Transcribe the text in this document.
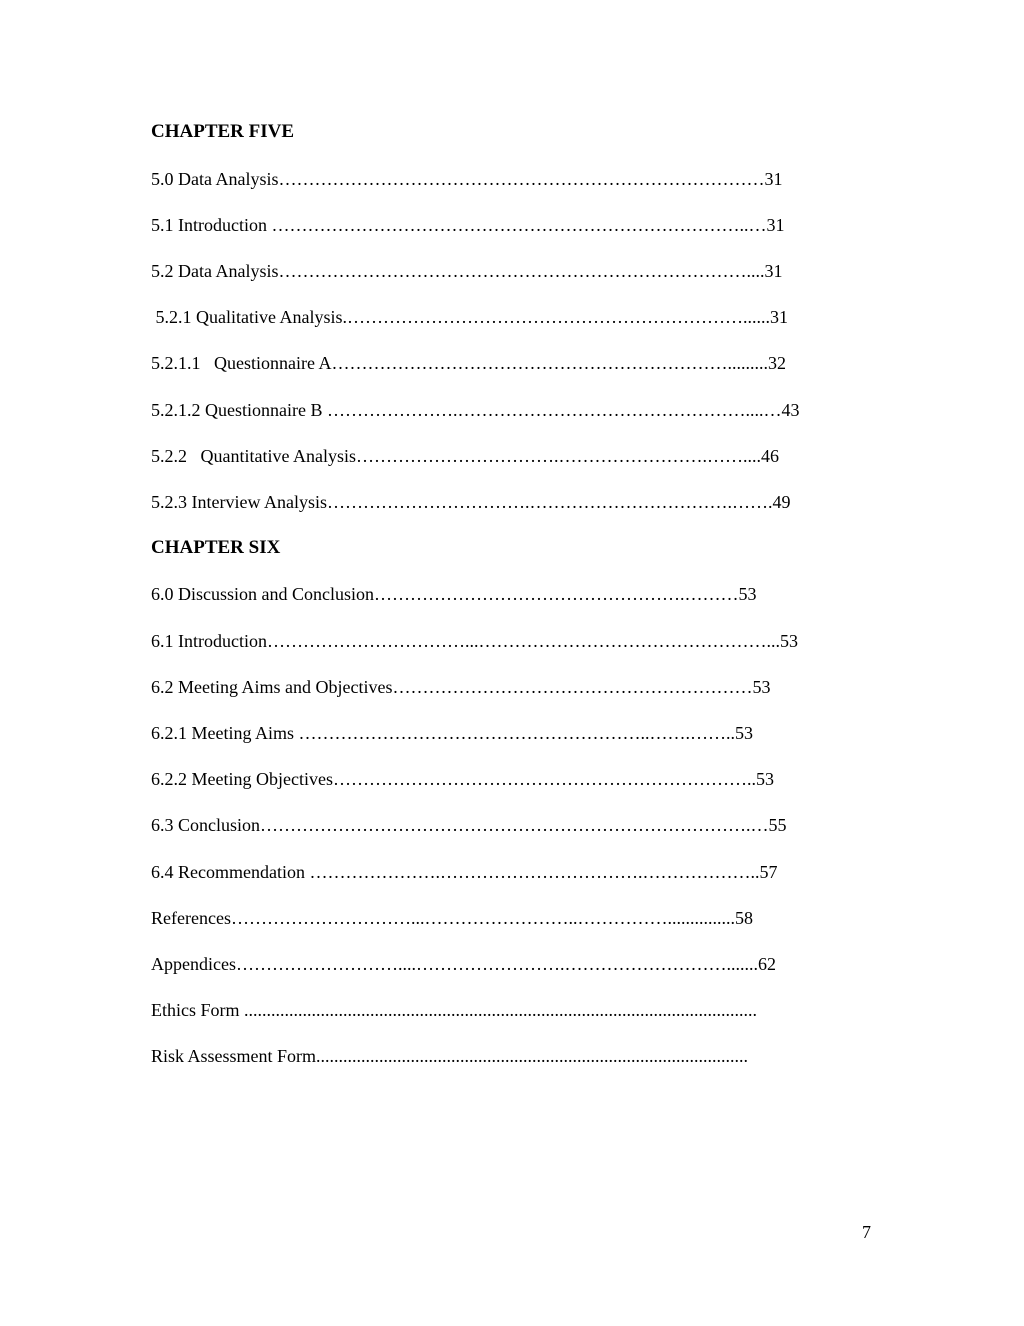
CHAPTER FIVE
5.0 Data Analysis………………………………………………………………………31
5.1 Introduction ……………………………………………………………………..…31
5.2 Data Analysis……………………………………………………………………....31
5.2.1 Qualitative Analysis.…………………………………………………………......31
5.2.1.1   Questionnaire A………………………………………………………….........32
5.2.1.2 Questionnaire B ………………….…………………………………………....…43
5.2.2   Quantitative Analysis…………………………….…………………….……....46
5.2.3 Interview Analysis…………………………….…………………………….…….49
CHAPTER SIX
6.0 Discussion and Conclusion…………………………………………….………53
6.1 Introduction……………………………...…………………………………………...53
6.2 Meeting Aims and Objectives……………………………………………………53
6.2.1 Meeting Aims …………………………………………………..…….……..53
6.2.2 Meeting Objectives……………………………………………………………..53
6.3 Conclusion……………………………………………………………………….…55
6.4 Recommendation ………………….…………………………….………………..57
References…………………………...……………………..……………...............58
Appendices………………………....…………………….……………………….......62
Ethics Form ..................................................................................................................
Risk Assessment Form................................................................................................
7
